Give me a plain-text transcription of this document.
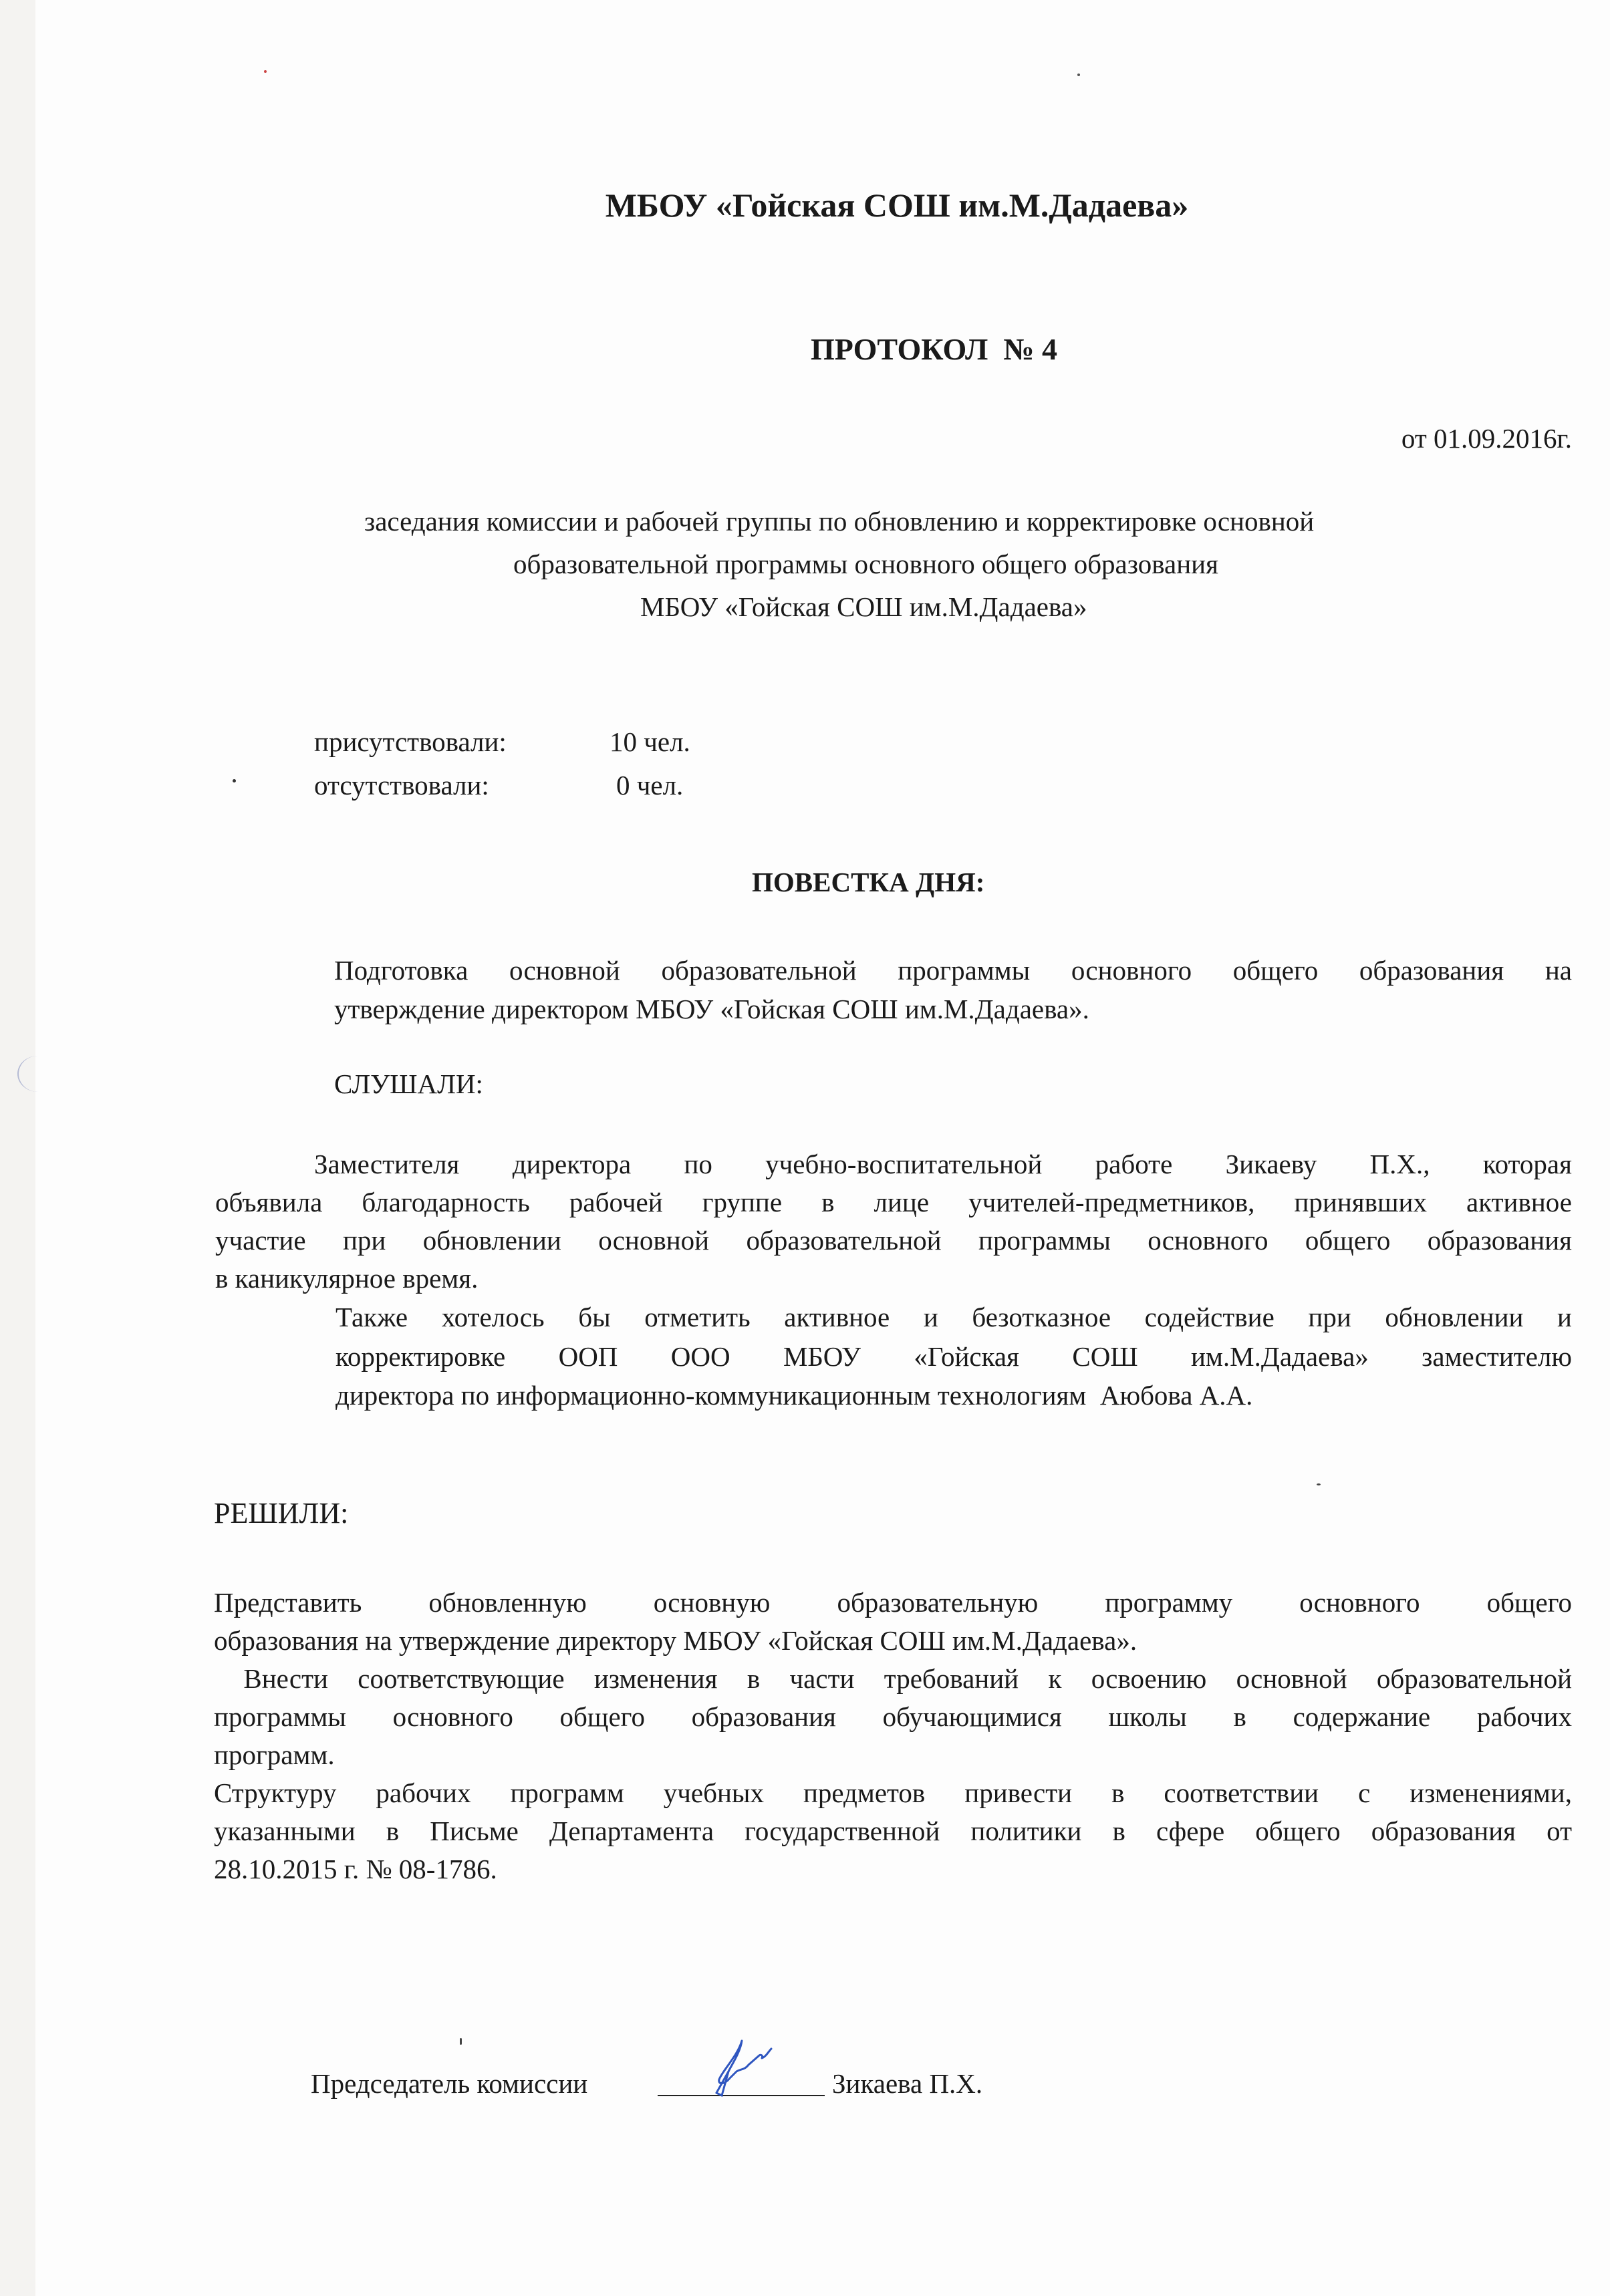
МБОУ «Гойская СОШ им.М.Дадаева»
ПРОТОКОЛ  № 4
от 01.09.2016г.
заседания комиссии и рабочей группы по обновлению и корректировке основной
образовательной программы основного общего образования
МБОУ «Гойская СОШ им.М.Дадаева»
присутствовали:	10 чел.
отсутствовали:	0 чел.
ПОВЕСТКА ДНЯ:
Подготовка основной образовательной программы основного общего образования на
утверждение директором МБОУ «Гойская СОШ им.М.Дадаева».
СЛУШАЛИ:
Заместителя директора по учебно-воспитательной работе Зикаеву П.Х., которая
объявила благодарность рабочей группе в лице учителей-предметников, принявших активное
участие при обновлении основной образовательной программы основного общего образования
в каникулярное время.
Также хотелось бы отметить активное и безотказное содействие при обновлении и
корректировке ООП ООО МБОУ «Гойская СОШ им.М.Дадаева» заместителю
директора по информационно-коммуникационным технологиям  Аюбова А.А.
РЕШИЛИ:
Представить обновленную основную образовательную программу основного общего
образования на утверждение директору МБОУ «Гойская СОШ им.М.Дадаева».
Внести соответствующие изменения в части требований к освоению основной образовательной
программы основного общего образования обучающимися школы в содержание рабочих
программ.
Структуру рабочих программ учебных предметов привести в соответствии с изменениями,
указанными в Письме Департамента государственной политики в сфере общего образования от
28.10.2015 г. № 08-1786.
Председатель комиссии	Зикаева П.Х.
